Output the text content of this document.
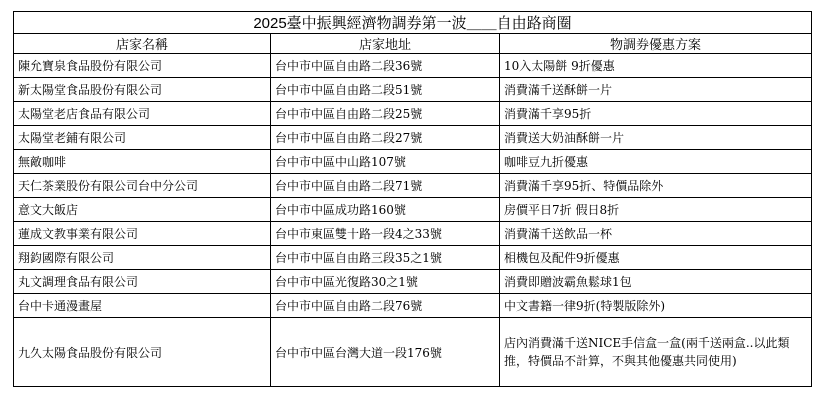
2025臺中振興經濟物調券第一波＿＿自由路商圈		
店家名稱	店家地址	物調券優惠方案
陳允寶泉食品股份有限公司	台中市中區自由路二段36號	10入太陽餅 9折優惠
新太陽堂食品股份有限公司	台中市中區自由路二段51號	消費滿千送酥餅一片
太陽堂老店食品有限公司	台中市中區自由路二段25號	消費滿千享95折
太陽堂老鋪有限公司	台中市中區自由路二段27號	消費送大奶油酥餅一片
無敵咖啡	台中市中區中山路107號	咖啡豆九折優惠
天仁茶業股份有限公司台中分公司	台中市中區自由路二段71號	消費滿千享95折、特價品除外
意文大飯店	台中市中區成功路160號	房價平日7折 假日8折
蓮成文教事業有限公司	台中市東區雙十路一段4之33號	消費滿千送飲品一杯
翔鈞國際有限公司	台中市中區自由路三段35之1號	相機包及配件9折優惠
丸文調理食品有限公司	台中市中區光復路30之1號	消費即贈波霸魚鬆球1包
台中卡通漫畫屋	台中市中區自由路二段76號	中文書籍一律9折(特製版除外)
九久太陽食品股份有限公司	台中市中區台灣大道一段176號	店內消費滿千送NICE手信盒一盒(兩千送兩盒..以此類推，特價品不計算，不與其他優惠共同使用)
